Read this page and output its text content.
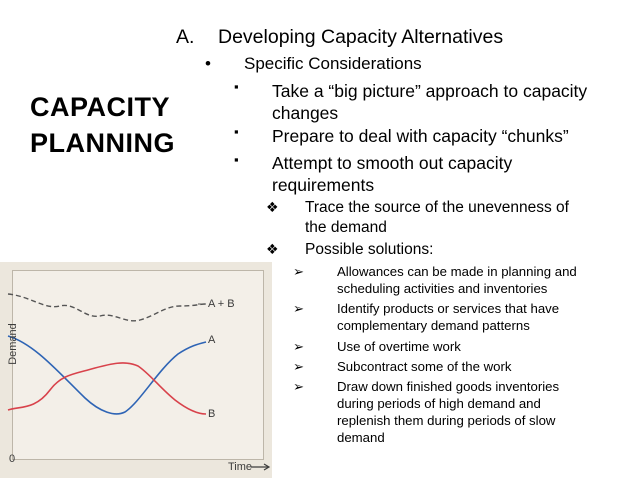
CAPACITY
PLANNING
A. Developing Capacity Alternatives
• Specific Considerations
▪ Take a “big picture” approach to capacity
changes
▪ Prepare to deal with capacity “chunks”
▪ Attempt to smooth out capacity
requirements
❖ Trace the source of the unevenness of
the demand
❖ Possible solutions:
➢ Allowances can be made in planning and
scheduling activities and inventories
➢ Identify products or services that have
complementary demand patterns
➢ Use of overtime work
➢ Subcontract some of the work
➢ Draw down finished goods inventories
during periods of high demand and
replenish them during periods of slow
demand
A + B
A
B
Demand
0
Time
